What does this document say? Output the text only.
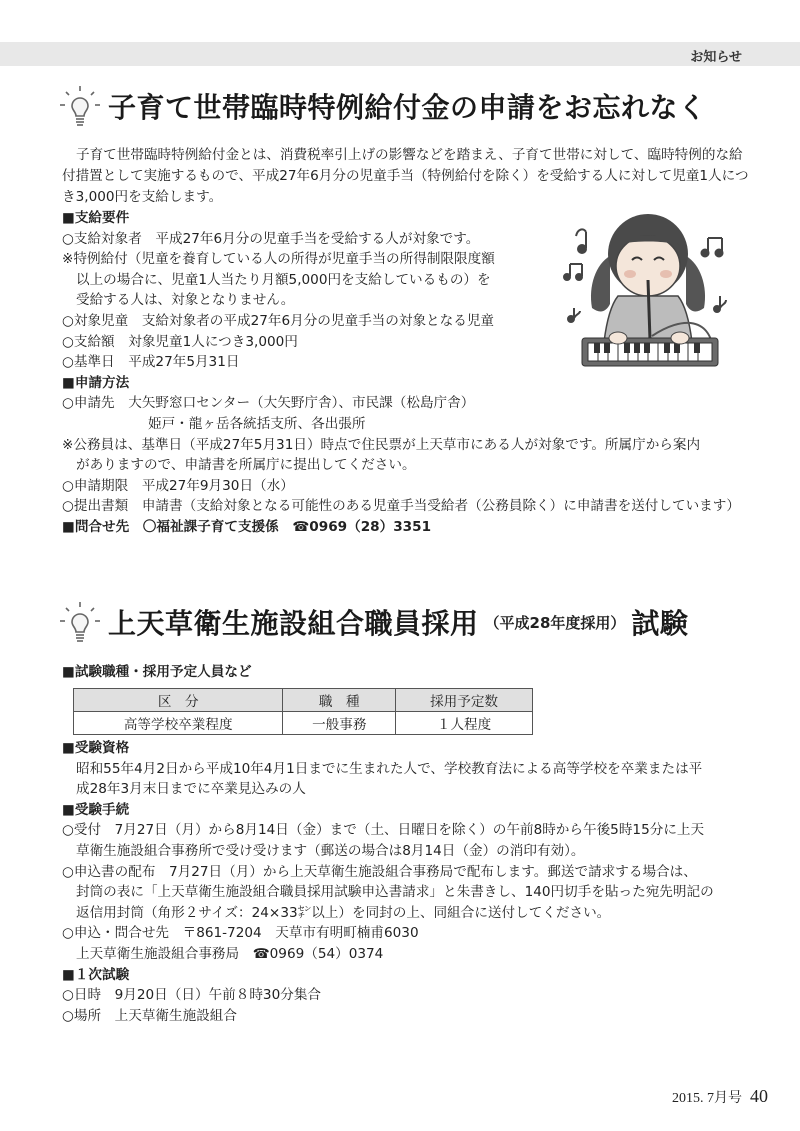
お知らせ
子育て世帯臨時特例給付金の申請をお忘れなく
子育て世帯臨時特例給付金とは、消費税率引上げの影響などを踏まえ、子育て世帯に対して、臨時特例的な給付措置として実施するもので、平成27年6月分の児童手当（特例給付を除く）を受給する人に対して児童1人につき3,000円を支給します。
■支給要件
○支給対象者　平成27年6月分の児童手当を受給する人が対象です。
※特例給付（児童を養育している人の所得が児童手当の所得制限限度額
以上の場合に、児童1人当たり月額5,000円を支給しているもの）を
受給する人は、対象となりません。
○対象児童　支給対象者の平成27年6月分の児童手当の対象となる児童
○支給額　対象児童1人につき3,000円
○基準日　平成27年5月31日
■申請方法
○申請先　大矢野窓口センター（大矢野庁舎）、市民課（松島庁舎）
姫戸・龍ヶ岳各統括支所、各出張所
※公務員は、基準日（平成27年5月31日）時点で住民票が上天草市にある人が対象です。所属庁から案内
がありますので、申請書を所属庁に提出してください。
○申請期限　平成27年9月30日（水）
○提出書類　申請書（支給対象となる可能性のある児童手当受給者（公務員除く）に申請書を送付しています）
■問合せ先　〇福祉課子育て支援係　☎0969（28）3351
上天草衛生施設組合職員採用 （平成28年度採用） 試験
■試験職種・採用予定人員など
区　分	職　種	採用予定数
高等学校卒業程度	一般事務	１人程度
■受験資格
昭和55年4月2日から平成10年4月1日までに生まれた人で、学校教育法による高等学校を卒業または平
成28年3月末日までに卒業見込みの人
■受験手続
○受付　7月27日（月）から8月14日（金）まで（土、日曜日を除く）の午前8時から午後5時15分に上天
草衛生施設組合事務所で受け受けます（郵送の場合は8月14日（金）の消印有効）。
○申込書の配布　7月27日（月）から上天草衛生施設組合事務局で配布します。郵送で請求する場合は、
封筒の表に「上天草衛生施設組合職員採用試験申込書請求」と朱書きし、140円切手を貼った宛先明記の
返信用封筒（角形２サイズ：24×33㌢以上）を同封の上、同組合に送付してください。
○申込・問合せ先　〒861-7204　天草市有明町楠甫6030
上天草衛生施設組合事務局　☎0969（54）0374
■１次試験
○日時　9月20日（日）午前８時30分集合
○場所　上天草衛生施設組合
2015. 7月号 40
